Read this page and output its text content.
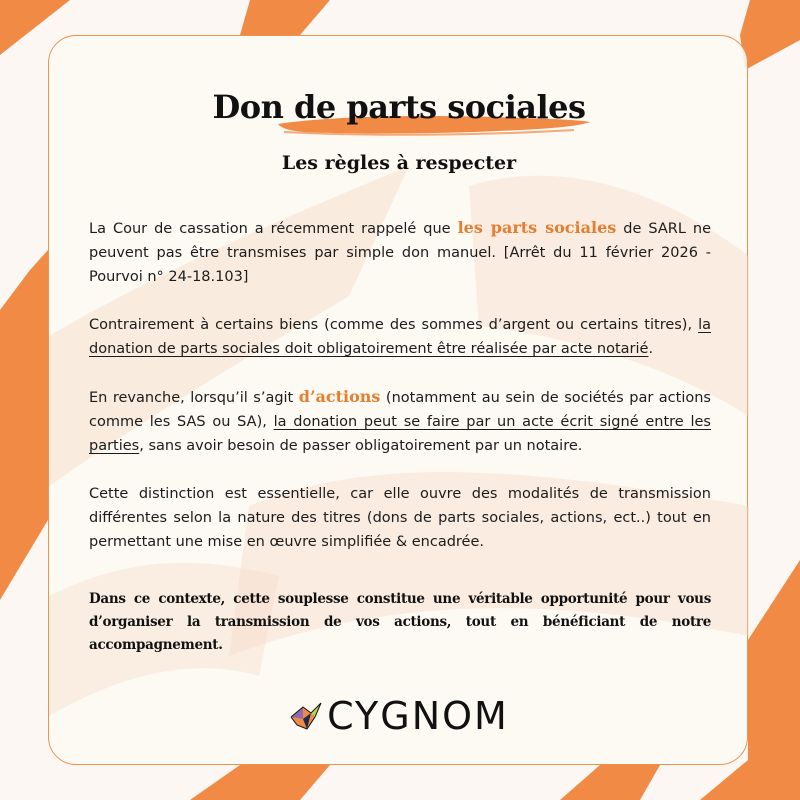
Don de parts sociales
Les règles à respecter

La Cour de cassation a récemment rappelé que les parts sociales de SARL ne peuvent pas être transmises par simple don manuel. [Arrêt du 11 février 2026 - Pourvoi n° 24-18.103]

Contrairement à certains biens (comme des sommes d’argent ou certains titres), la donation de parts sociales doit obligatoirement être réalisée par acte notarié.

En revanche, lorsqu’il s’agit d’actions (notamment au sein de sociétés par actions comme les SAS ou SA), la donation peut se faire par un acte écrit signé entre les parties, sans avoir besoin de passer obligatoirement par un notaire.

Cette distinction est essentielle, car elle ouvre des modalités de transmission différentes selon la nature des titres (dons de parts sociales, actions, ect..) tout en permettant une mise en œuvre simplifiée & encadrée.

Dans ce contexte, cette souplesse constitue une véritable opportunité pour vous d’organiser la transmission de vos actions, tout en bénéficiant de notre accompagnement.
CYGNOM
